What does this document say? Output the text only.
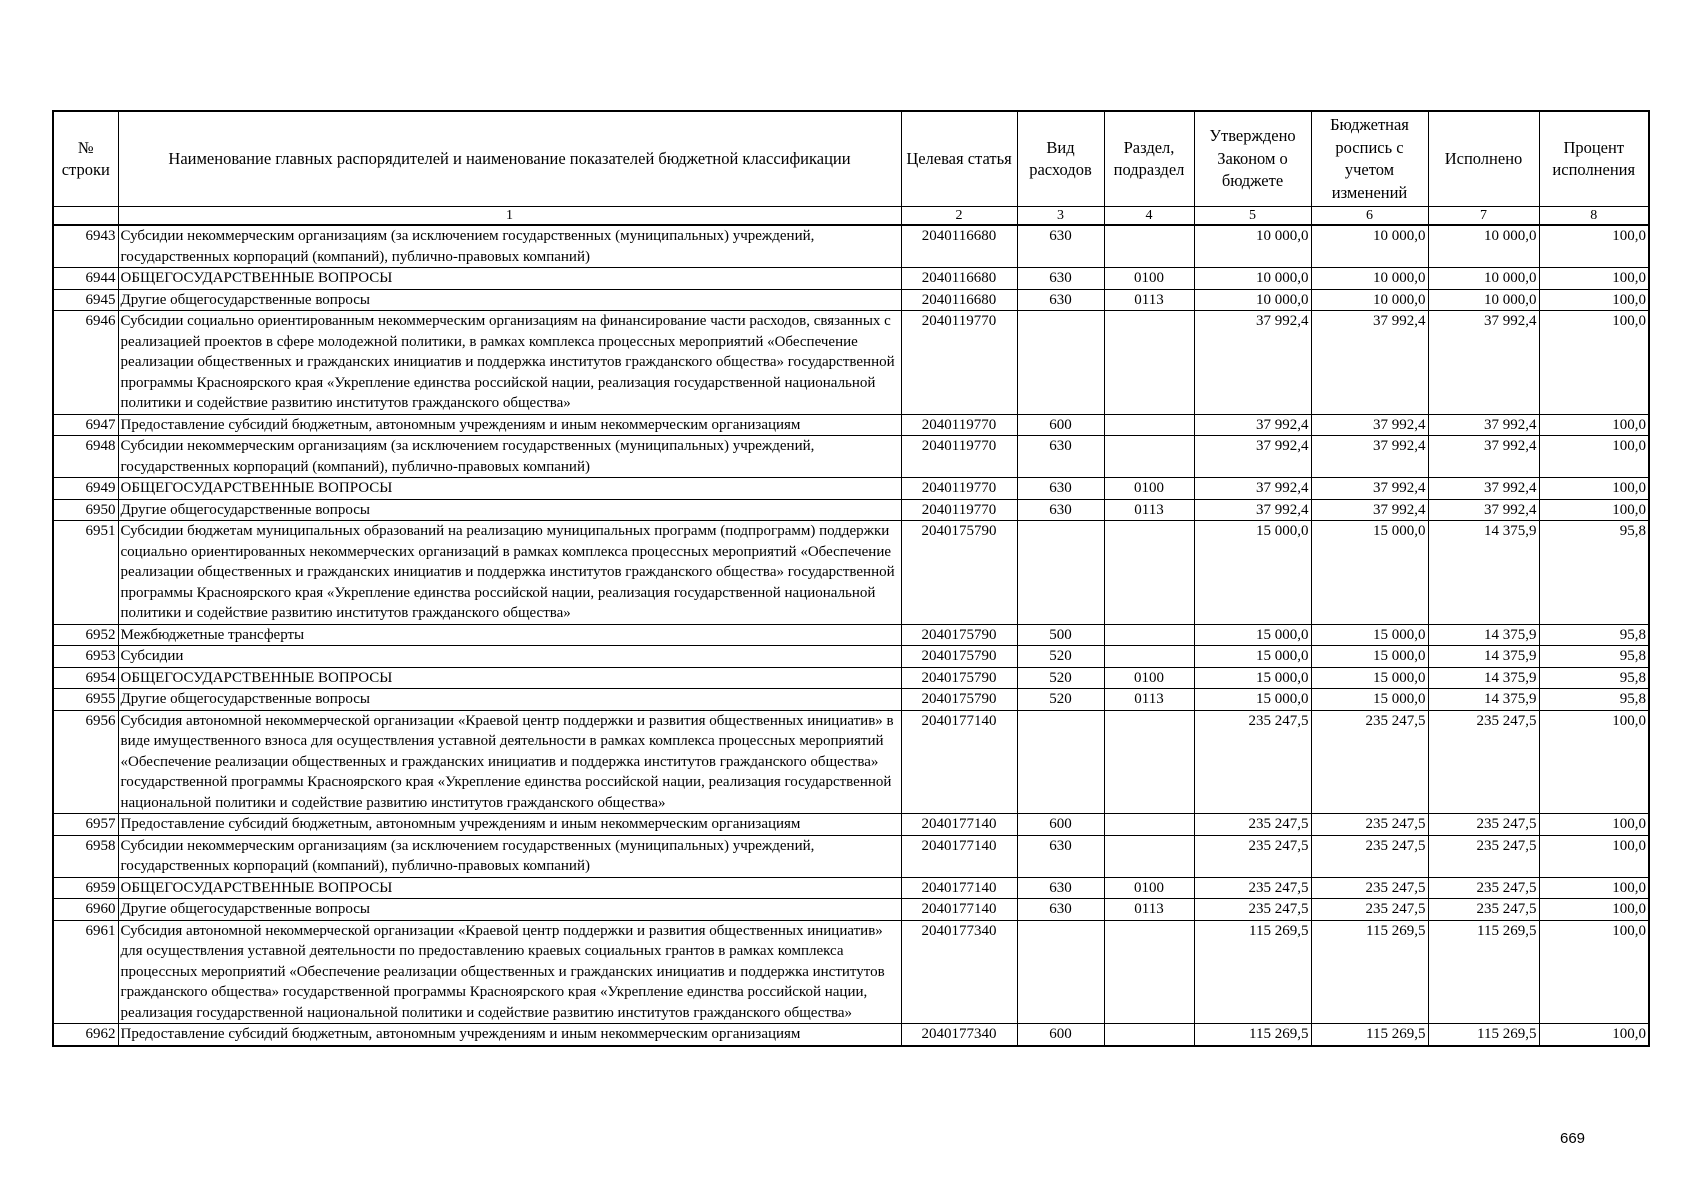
№ строки	Наименование главных распорядителей и наименование показателей бюджетной классификации	Целевая статья	Вид расходов	Раздел, подраздел	Утверждено Законом о бюджете	Бюджетная роспись с учетом изменений	Исполнено	Процент исполнения
	1	2	3	4	5	6	7	8
6943	Субсидии некоммерческим организациям (за исключением государственных (муниципальных) учреждений, государственных корпораций (компаний), публично-правовых компаний)	2040116680	630		10 000,0	10 000,0	10 000,0	100,0
6944	ОБЩЕГОСУДАРСТВЕННЫЕ ВОПРОСЫ	2040116680	630	0100	10 000,0	10 000,0	10 000,0	100,0
6945	Другие общегосударственные вопросы	2040116680	630	0113	10 000,0	10 000,0	10 000,0	100,0
6946	Субсидии социально ориентированным некоммерческим организациям на финансирование части расходов, связанных с реализацией проектов в сфере молодежной политики, в рамках комплекса процессных мероприятий «Обеспечение реализации общественных и гражданских инициатив и поддержка институтов гражданского общества» государственной программы Красноярского края «Укрепление единства российской нации, реализация государственной национальной политики и содействие развитию институтов гражданского общества»	2040119770			37 992,4	37 992,4	37 992,4	100,0
6947	Предоставление субсидий бюджетным, автономным учреждениям и иным некоммерческим организациям	2040119770	600		37 992,4	37 992,4	37 992,4	100,0
6948	Субсидии некоммерческим организациям (за исключением государственных (муниципальных) учреждений, государственных корпораций (компаний), публично-правовых компаний)	2040119770	630		37 992,4	37 992,4	37 992,4	100,0
6949	ОБЩЕГОСУДАРСТВЕННЫЕ ВОПРОСЫ	2040119770	630	0100	37 992,4	37 992,4	37 992,4	100,0
6950	Другие общегосударственные вопросы	2040119770	630	0113	37 992,4	37 992,4	37 992,4	100,0
6951	Субсидии бюджетам муниципальных образований на реализацию муниципальных программ (подпрограмм) поддержки социально ориентированных некоммерческих организаций в рамках комплекса процессных мероприятий «Обеспечение реализации общественных и гражданских инициатив и поддержка институтов гражданского общества» государственной программы Красноярского края «Укрепление единства российской нации, реализация государственной национальной политики и содействие развитию институтов гражданского общества»	2040175790			15 000,0	15 000,0	14 375,9	95,8
6952	Межбюджетные трансферты	2040175790	500		15 000,0	15 000,0	14 375,9	95,8
6953	Субсидии	2040175790	520		15 000,0	15 000,0	14 375,9	95,8
6954	ОБЩЕГОСУДАРСТВЕННЫЕ ВОПРОСЫ	2040175790	520	0100	15 000,0	15 000,0	14 375,9	95,8
6955	Другие общегосударственные вопросы	2040175790	520	0113	15 000,0	15 000,0	14 375,9	95,8
6956	Субсидия автономной некоммерческой организации «Краевой центр поддержки и развития общественных инициатив» в виде имущественного взноса для осуществления уставной деятельности в рамках комплекса процессных мероприятий «Обеспечение реализации общественных и гражданских инициатив и поддержка институтов гражданского общества» государственной программы Красноярского края «Укрепление единства российской нации, реализация государственной национальной политики и содействие развитию институтов гражданского общества»	2040177140			235 247,5	235 247,5	235 247,5	100,0
6957	Предоставление субсидий бюджетным, автономным учреждениям и иным некоммерческим организациям	2040177140	600		235 247,5	235 247,5	235 247,5	100,0
6958	Субсидии некоммерческим организациям (за исключением государственных (муниципальных) учреждений, государственных корпораций (компаний), публично-правовых компаний)	2040177140	630		235 247,5	235 247,5	235 247,5	100,0
6959	ОБЩЕГОСУДАРСТВЕННЫЕ ВОПРОСЫ	2040177140	630	0100	235 247,5	235 247,5	235 247,5	100,0
6960	Другие общегосударственные вопросы	2040177140	630	0113	235 247,5	235 247,5	235 247,5	100,0
6961	Субсидия автономной некоммерческой организации «Краевой центр поддержки и развития общественных инициатив» для осуществления уставной деятельности по предоставлению краевых социальных грантов в рамках комплекса процессных мероприятий «Обеспечение реализации общественных и гражданских инициатив и поддержка институтов гражданского общества» государственной программы Красноярского края «Укрепление единства российской нации, реализация государственной национальной политики и содействие развитию институтов гражданского общества»	2040177340			115 269,5	115 269,5	115 269,5	100,0
6962	Предоставление субсидий бюджетным, автономным учреждениям и иным некоммерческим организациям	2040177340	600		115 269,5	115 269,5	115 269,5	100,0
669
